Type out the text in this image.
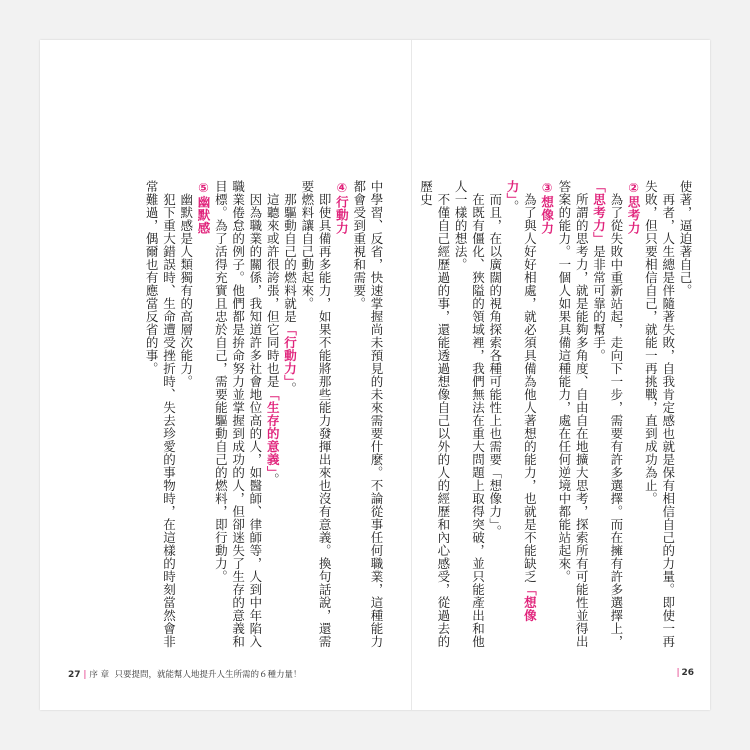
使著，逼迫著自己。

再者，人生總是伴隨著失敗，自我肯定感也就是保有相信自己的力量。即使一再失敗，但只要相信自己，就能一再挑戰，直到成功為止。

②思考力

為了從失敗中重新站起，走向下一步，需要有許多選擇。而在擁有許多選擇上，「思考力」是非常可靠的幫手。

所謂的思考力，就是能夠多角度、自由自在地擴大思考，探索所有可能性並得出答案的能力。一個人如果具備這種能力，處在任何逆境中都能站起來。

③想像力

為了與人好好相處，就必須具備為他人著想的能力，也就是不能缺乏「想像力」。

而且，在以廣闊的視角探索各種可能性上也需要「想像力」。

在既有僵化、狹隘的領域裡，我們無法在重大問題上取得突破，並只能產出和他人一樣的想法。

不僅自己經歷過的事，還能透過想像自己以外的人的經歷和內心感受，從過去的歷史

| 26

中學習、反省，快速掌握尚未預見的未來需要什麼。不論從事任何職業，這種能力都會受到重視和需要。

④行動力

即使具備再多能力，如果不能將那些能力發揮出來也沒有意義。換句話說，還需要燃料讓自己動起來。

那驅動自己的燃料就是「行動力」。

這聽來或許很誇張，但它同時也是「生存的意義」。

因為職業的關係，我知道許多社會地位高的人，如醫師、律師等，人到中年陷入職業倦怠的例子。他們都是拚命努力並掌握到成功的人，但卻迷失了生存的意義和目標。為了活得充實且忠於自己，需要能驅動自己的燃料，即行動力。

⑤幽默感

幽默感是人類獨有的高層次能力。

犯下重大錯誤時、生命遭受挫折時、失去珍愛的事物時，在這樣的時刻當然會非常難過，偶爾也有應當反省的事。

27 | 序 章 只要提問，就能幫人地提升人生所需的６種力量！
